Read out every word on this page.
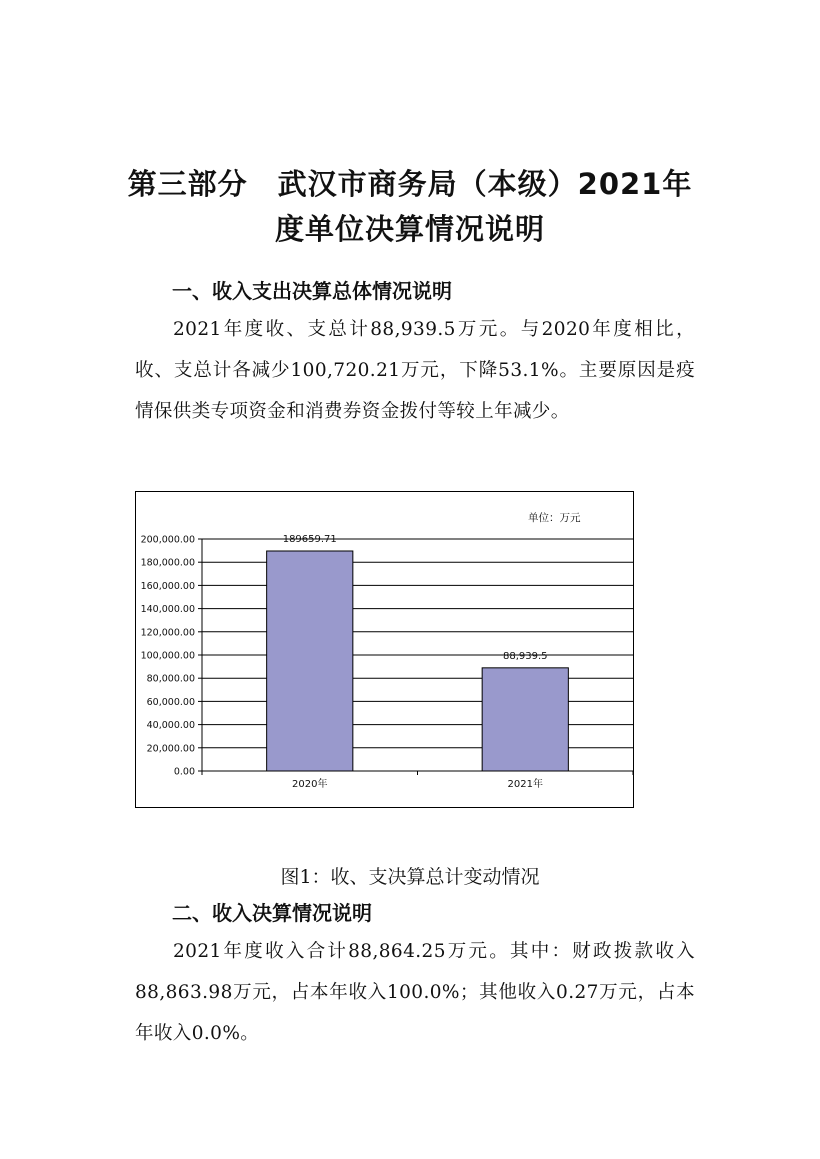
第三部分　武汉市商务局（本级）2021年
度单位决算情况说明
一、收入支出决算总体情况说明

2021年度收、支总计88,939.5万元。与2020年度相比，收、支总计各减少100,720.21万元，下降53.1%。主要原因是疫情保供类专项资金和消费券资金拨付等较上年减少。

0.00
20,000.00
40,000.00
60,000.00
80,000.00
100,000.00
120,000.00
140,000.00
160,000.00
180,000.00
200,000.00	189659.71
2020年
88,939.5
2021年
单位：万元

图1：收、支决算总计变动情况

二、收入决算情况说明

2021年度收入合计88,864.25万元。其中：财政拨款收入88,863.98万元，占本年收入100.0%；其他收入0.27万元，占本年收入0.0%。
